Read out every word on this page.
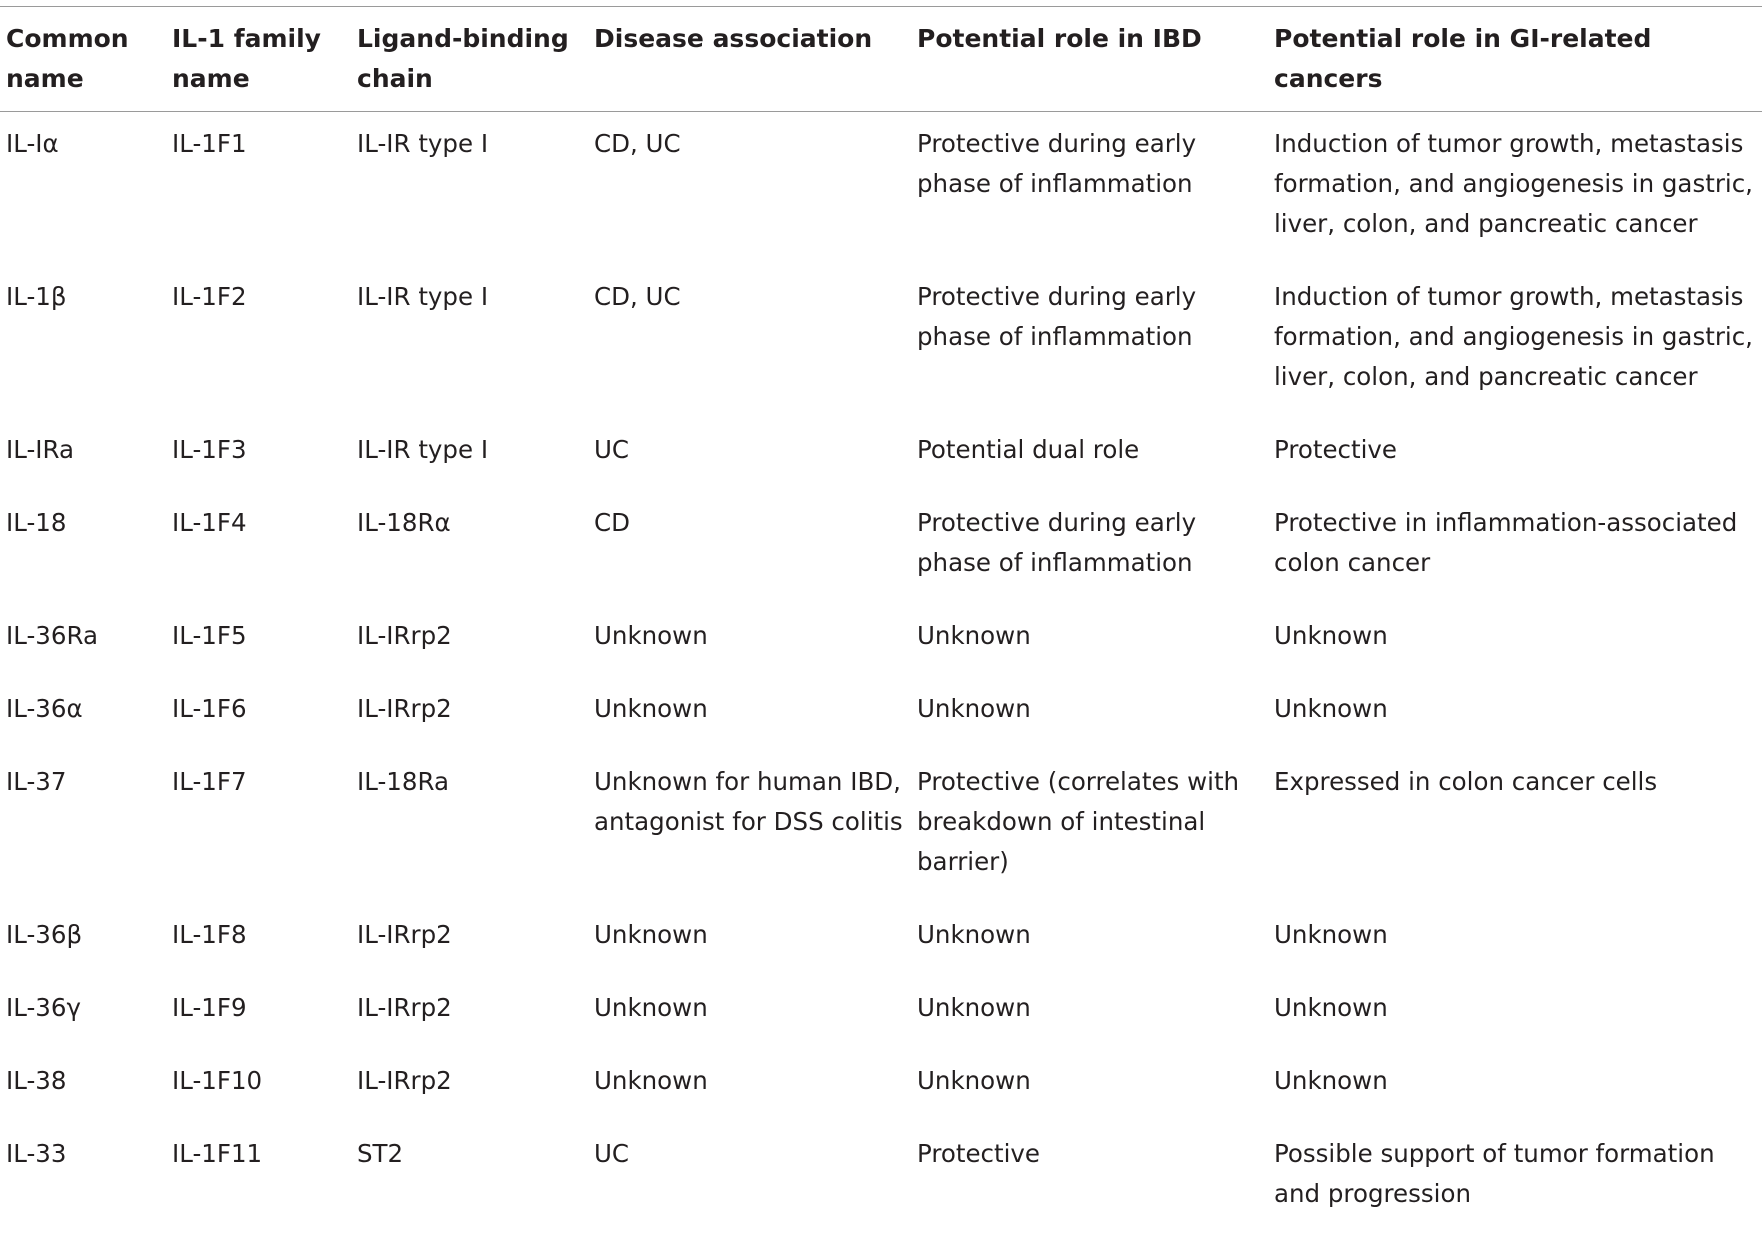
Common name	IL-1 family name	Ligand-binding chain	Disease association	Potential role in IBD	Potential role in GI-related cancers
IL-Iα	IL-1F1	IL-IR type I	CD, UC	Protective during early phase of inflammation	Induction of tumor growth, metastasis formation, and angiogenesis in gastric, liver, colon, and pancreatic cancer
IL-1β	IL-1F2	IL-IR type I	CD, UC	Protective during early phase of inflammation	Induction of tumor growth, metastasis formation, and angiogenesis in gastric, liver, colon, and pancreatic cancer
IL-IRa	IL-1F3	IL-IR type I	UC	Potential dual role	Protective
IL-18	IL-1F4	IL-18Rα	CD	Protective during early phase of inflammation	Protective in inflammation-associated colon cancer
IL-36Ra	IL-1F5	IL-IRrp2	Unknown	Unknown	Unknown
IL-36α	IL-1F6	IL-IRrp2	Unknown	Unknown	Unknown
IL-37	IL-1F7	IL-18Ra	Unknown for human IBD, antagonist for DSS colitis	Protective (correlates with breakdown of intestinal barrier)	Expressed in colon cancer cells
IL-36β	IL-1F8	IL-IRrp2	Unknown	Unknown	Unknown
IL-36γ	IL-1F9	IL-IRrp2	Unknown	Unknown	Unknown
IL-38	IL-1F10	IL-IRrp2	Unknown	Unknown	Unknown
IL-33	IL-1F11	ST2	UC	Protective	Possible support of tumor formation and progression
